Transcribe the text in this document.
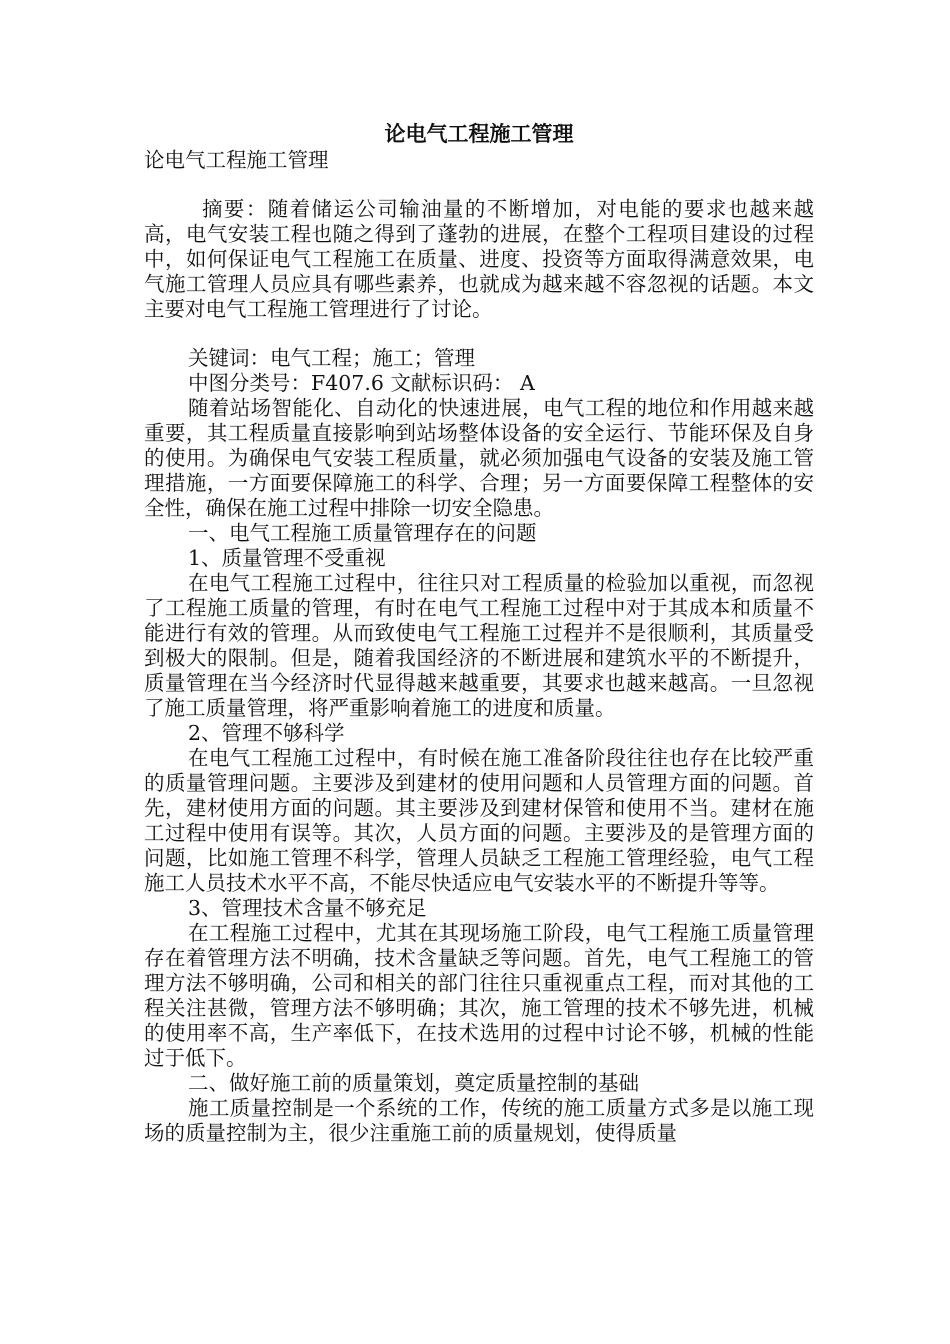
论电气工程施工管理

论电气工程施工管理

摘要：随着储运公司输油量的不断增加，对电能的要求也越来越高，电气安装工程也随之得到了蓬勃的进展，在整个工程项目建设的过程中，如何保证电气工程施工在质量、进度、投资等方面取得满意效果，电气施工管理人员应具有哪些素养，也就成为越来越不容忽视的话题。本文主要对电气工程施工管理进行了讨论。

关键词：电气工程；施工；管理

中图分类号：F407.6 文献标识码： A

随着站场智能化、自动化的快速进展，电气工程的地位和作用越来越重要，其工程质量直接影响到站场整体设备的安全运行、节能环保及自身的使用。为确保电气安装工程质量，就必须加强电气设备的安装及施工管理措施，一方面要保障施工的科学、合理；另一方面要保障工程整体的安全性，确保在施工过程中排除一切安全隐患。

一、电气工程施工质量管理存在的问题

1、质量管理不受重视

在电气工程施工过程中，往往只对工程质量的检验加以重视，而忽视了工程施工质量的管理，有时在电气工程施工过程中对于其成本和质量不能进行有效的管理。从而致使电气工程施工过程并不是很顺利，其质量受到极大的限制。但是，随着我国经济的不断进展和建筑水平的不断提升，质量管理在当今经济时代显得越来越重要，其要求也越来越高。一旦忽视了施工质量管理，将严重影响着施工的进度和质量。

2、管理不够科学

在电气工程施工过程中，有时候在施工准备阶段往往也存在比较严重的质量管理问题。主要涉及到建材的使用问题和人员管理方面的问题。首先，建材使用方面的问题。其主要涉及到建材保管和使用不当。建材在施工过程中使用有误等。其次，人员方面的问题。主要涉及的是管理方面的问题，比如施工管理不科学，管理人员缺乏工程施工管理经验，电气工程施工人员技术水平不高，不能尽快适应电气安装水平的不断提升等等。

3、管理技术含量不够充足

在工程施工过程中，尤其在其现场施工阶段，电气工程施工质量管理存在着管理方法不明确，技术含量缺乏等问题。首先，电气工程施工的管理方法不够明确，公司和相关的部门往往只重视重点工程，而对其他的工程关注甚微，管理方法不够明确；其次，施工管理的技术不够先进，机械的使用率不高，生产率低下，在技术选用的过程中讨论不够，机械的性能过于低下。

二、做好施工前的质量策划，奠定质量控制的基础

施工质量控制是一个系统的工作，传统的施工质量方式多是以施工现场的质量控制为主，很少注重施工前的质量规划，使得质量
